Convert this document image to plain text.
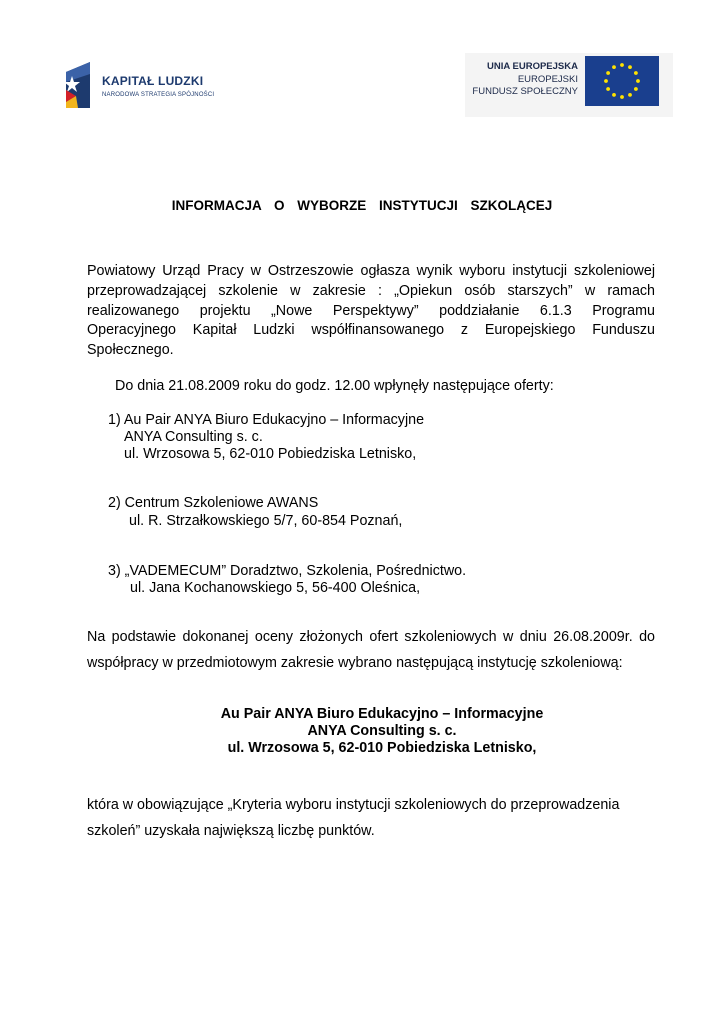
KAPITAŁ LUDZKI
NARODOWA STRATEGIA SPÓJNOŚCI
UNIA EUROPEJSKA
EUROPEJSKI
FUNDUSZ SPOŁECZNY
INFORMACJA O WYBORZE INSTYTUCJI SZKOLĄCEJ
Powiatowy Urząd Pracy w Ostrzeszowie ogłasza wynik wyboru instytucji szkoleniowej
przeprowadzającej szkolenie w zakresie : „Opiekun osób starszych” w ramach
realizowanego projektu „Nowe Perspektywy” poddziałanie 6.1.3 Programu
Operacyjnego Kapitał Ludzki współfinansowanego z Europejskiego Funduszu
Społecznego.
Do dnia 21.08.2009 roku do godz. 12.00 wpłynęły następujące oferty:
1) Au Pair ANYA Biuro Edukacyjno – Informacyjne
ANYA Consulting s. c.
ul. Wrzosowa 5, 62-010 Pobiedziska Letnisko,
2) Centrum Szkoleniowe AWANS
ul. R. Strzałkowskiego 5/7, 60-854 Poznań,
3) „VADEMECUM” Doradztwo, Szkolenia, Pośrednictwo.
ul. Jana Kochanowskiego 5, 56-400 Oleśnica,
Na podstawie dokonanej oceny złożonych ofert szkoleniowych w dniu 26.08.2009r. do
współpracy w przedmiotowym zakresie wybrano następującą instytucję szkoleniową:
Au Pair ANYA Biuro Edukacyjno – Informacyjne
ANYA Consulting s. c.
ul. Wrzosowa 5, 62-010 Pobiedziska Letnisko,
która w obowiązujące „Kryteria wyboru instytucji szkoleniowych do przeprowadzenia
szkoleń” uzyskała największą liczbę punktów.
